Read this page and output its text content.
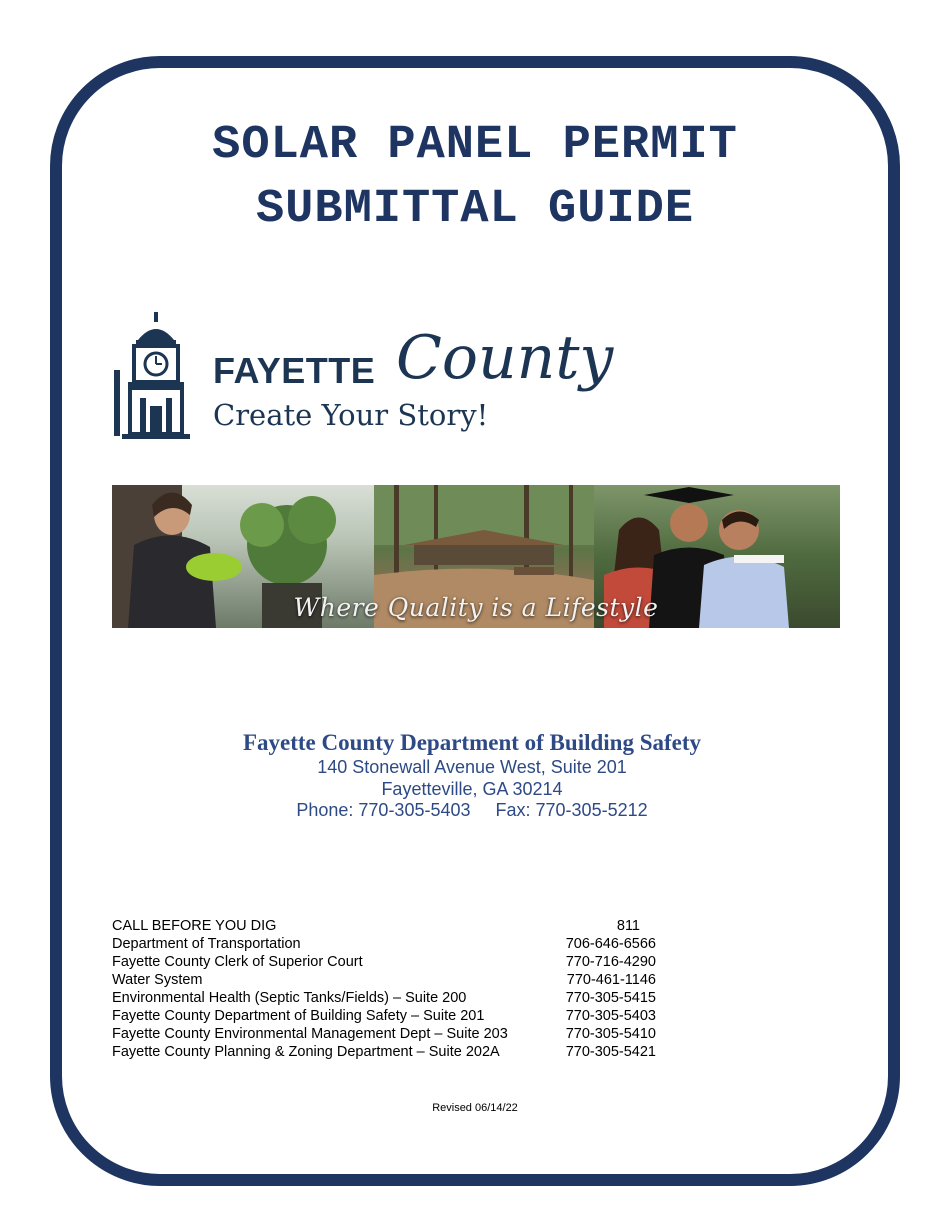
SOLAR PANEL PERMIT
SUBMITTAL GUIDE
FAYETTE County
Create Your Story!
Where Quality is a Lifestyle
Fayette County Department of Building Safety
140 Stonewall Avenue West, Suite 201
Fayetteville, GA 30214
Phone: 770-305-5403     Fax: 770-305-5212
CALL BEFORE YOU DIG	811
Department of Transportation	706-646-6566
Fayette County Clerk of Superior Court	770-716-4290
Water System	770-461-1146
Environmental Health (Septic Tanks/Fields) – Suite 200	770-305-5415
Fayette County Department of Building Safety – Suite 201	770-305-5403
Fayette County Environmental Management Dept – Suite 203	770-305-5410
Fayette County Planning & Zoning Department – Suite 202A	770-305-5421
Revised 06/14/22
